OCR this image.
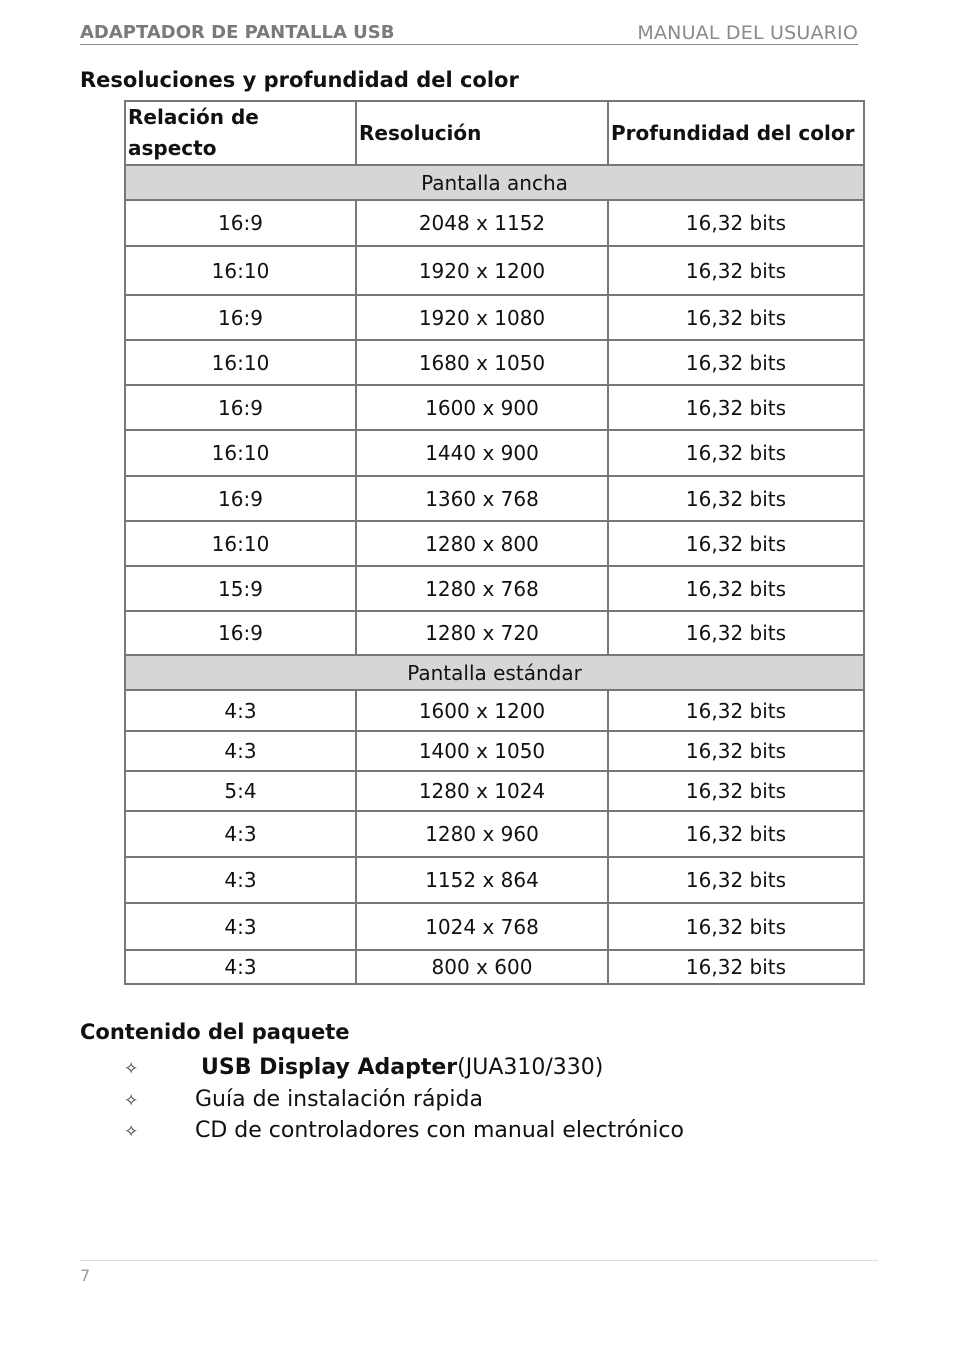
ADAPTADOR DE PANTALLA USB	MANUAL DEL USUARIO
Resoluciones y profundidad del color
Relación de aspecto	Resolución	Profundidad del color
Pantalla ancha		
16:9	2048 x 1152	16,32 bits
16:10	1920 x 1200	16,32 bits
16:9	1920 x 1080	16,32 bits
16:10	1680 x 1050	16,32 bits
16:9	1600 x 900	16,32 bits
16:10	1440 x 900	16,32 bits
16:9	1360 x 768	16,32 bits
16:10	1280 x 800	16,32 bits
15:9	1280 x 768	16,32 bits
16:9	1280 x 720	16,32 bits
Pantalla estándar		
4:3	1600 x 1200	16,32 bits
4:3	1400 x 1050	16,32 bits
5:4	1280 x 1024	16,32 bits
4:3	1280 x 960	16,32 bits
4:3	1152 x 864	16,32 bits
4:3	1024 x 768	16,32 bits
4:3	800 x 600	16,32 bits
Contenido del paquete
✧	USB Display Adapter(JUA310/330)
✧	Guía de instalación rápida
✧	CD de controladores con manual electrónico
7
